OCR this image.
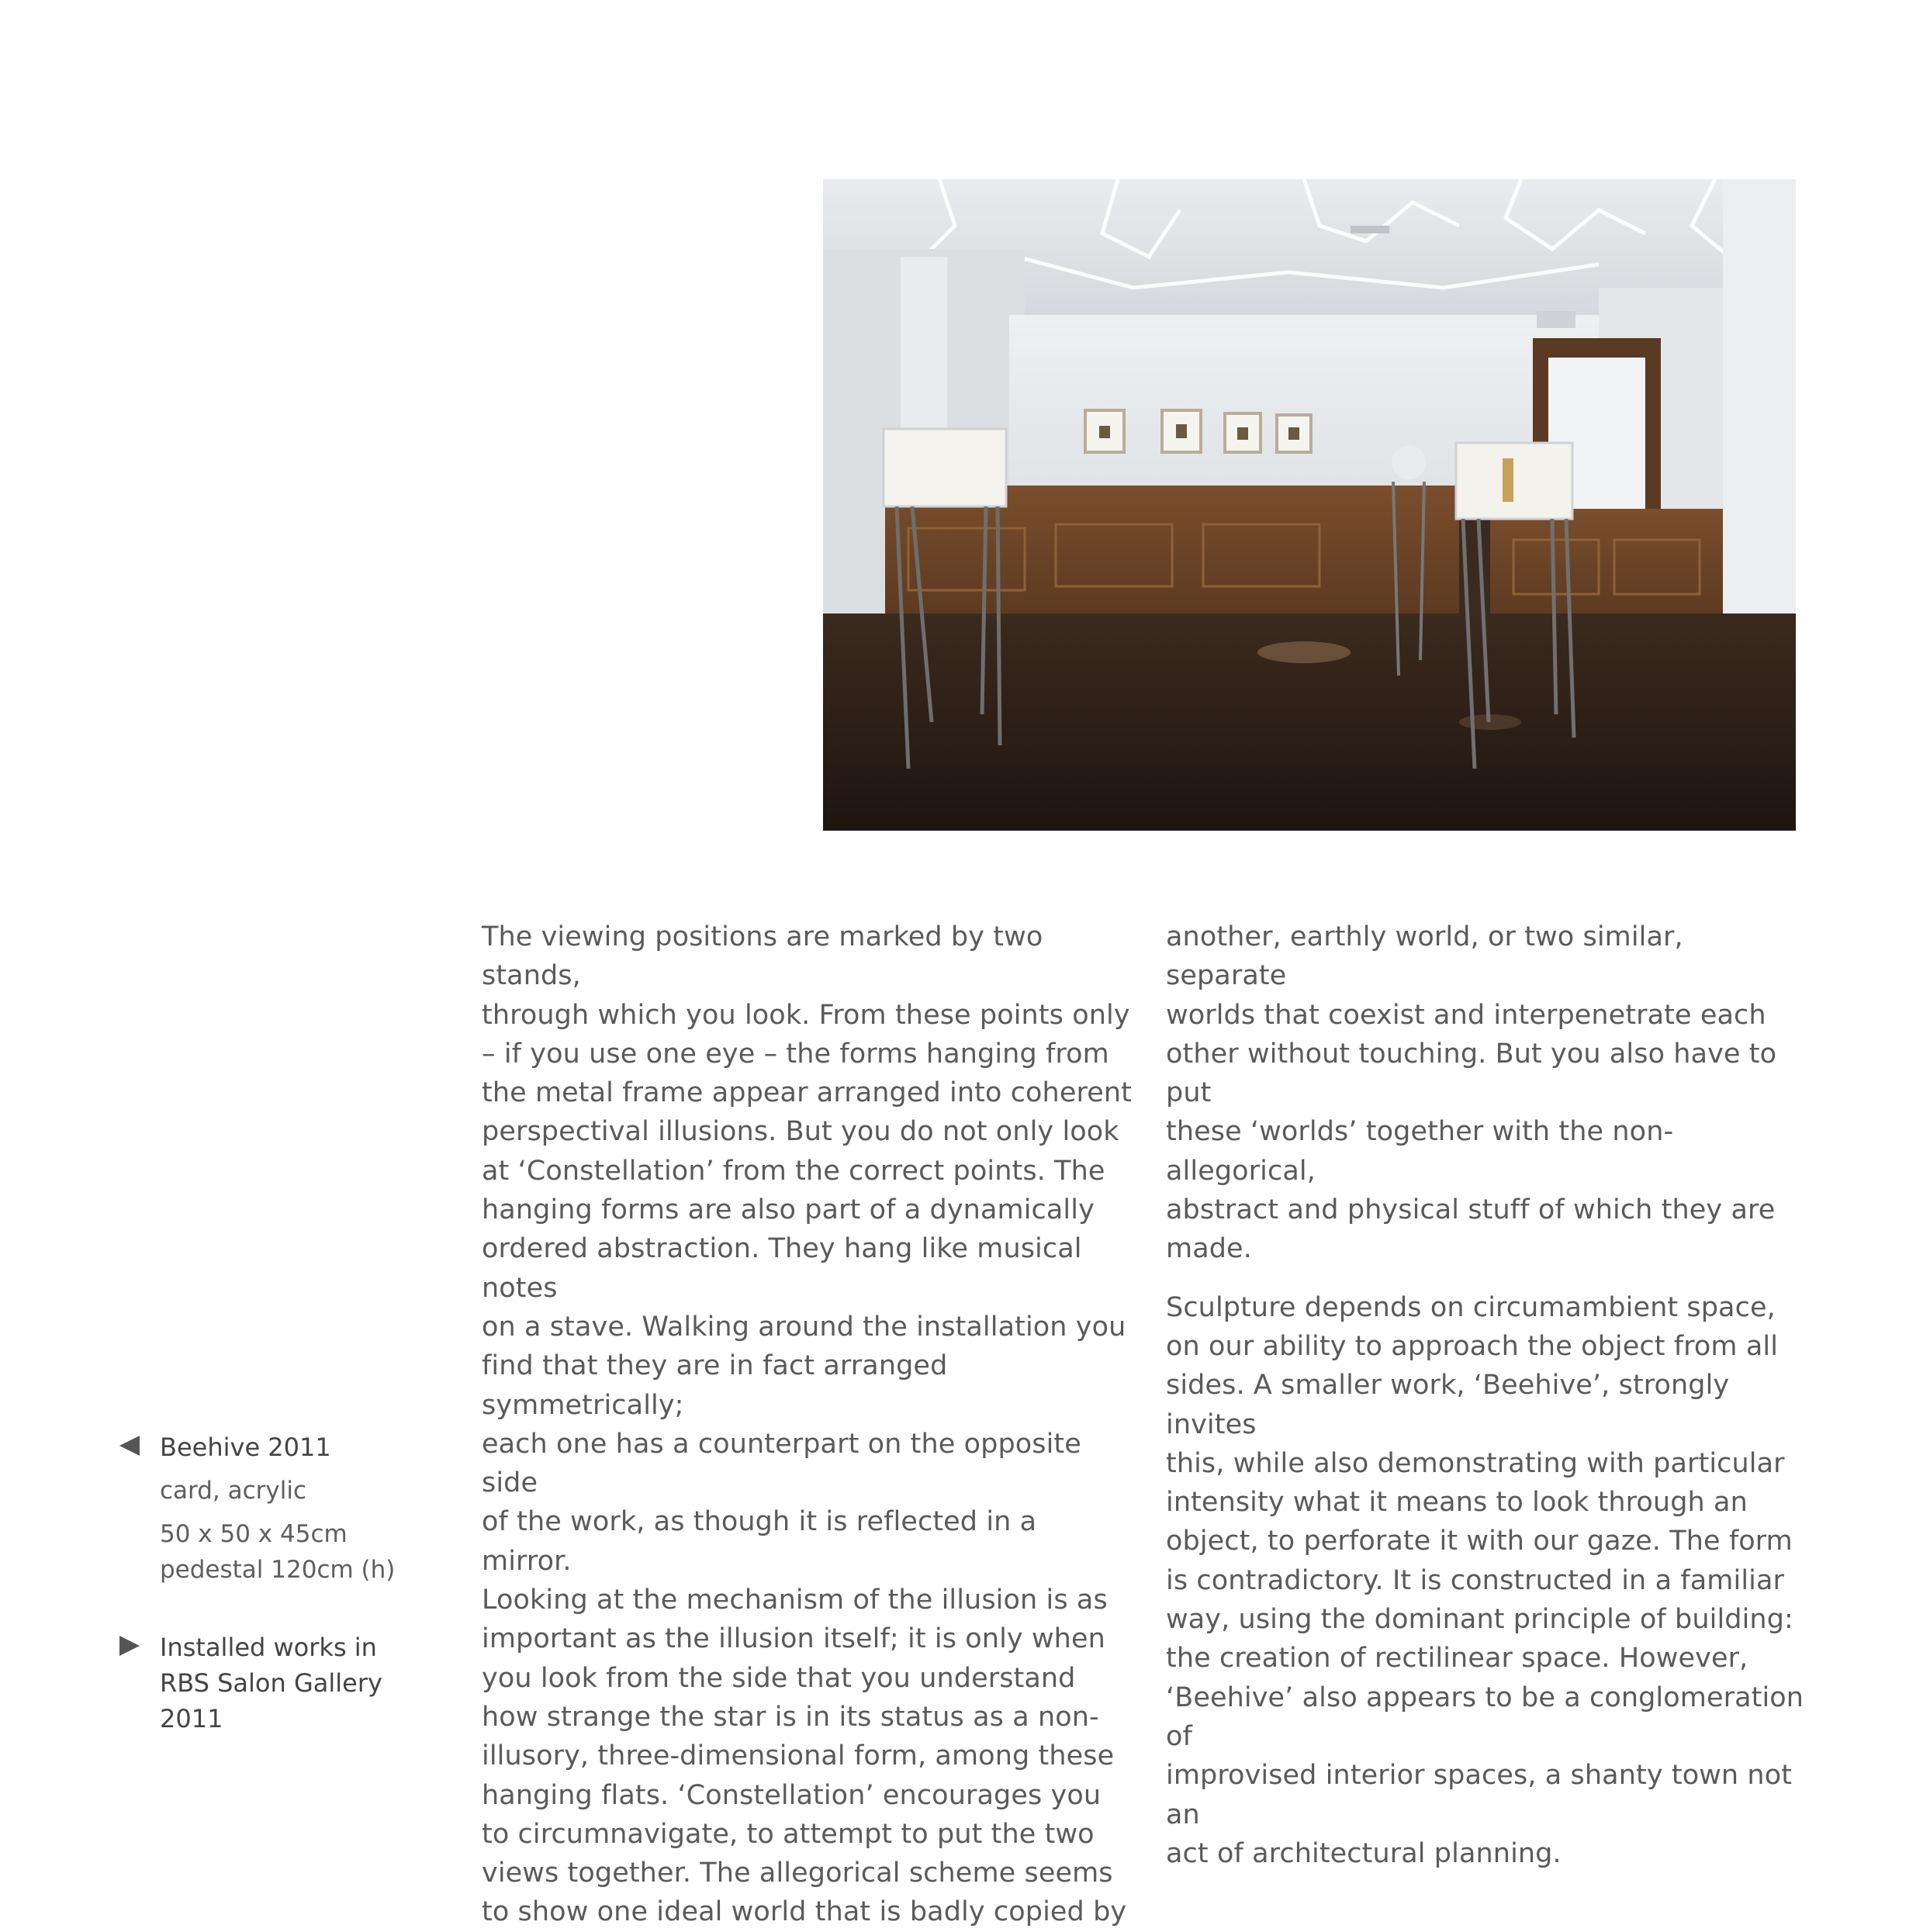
The viewing positions are marked by two stands,
through which you look. From these points only
– if you use one eye – the forms hanging from
the metal frame appear arranged into coherent
perspectival illusions. But you do not only look
at ‘Constellation’ from the correct points. The
hanging forms are also part of a dynamically
ordered abstraction. They hang like musical notes
on a stave. Walking around the installation you
find that they are in fact arranged symmetrically;
each one has a counterpart on the opposite side
of the work, as though it is reflected in a mirror.
Looking at the mechanism of the illusion is as
important as the illusion itself; it is only when
you look from the side that you understand
how strange the star is in its status as a non-
illusory, three-dimensional form, among these
hanging flats. ‘Constellation’ encourages you
to circumnavigate, to attempt to put the two
views together. The allegorical scheme seems
to show one ideal world that is badly copied by

another, earthly world, or two similar, separate
worlds that coexist and interpenetrate each
other without touching. But you also have to put
these ‘worlds’ together with the non-allegorical,
abstract and physical stuff of which they are
made.

Sculpture depends on circumambient space,
on our ability to approach the object from all
sides. A smaller work, ‘Beehive’, strongly invites
this, while also demonstrating with particular
intensity what it means to look through an
object, to perforate it with our gaze. The form
is contradictory. It is constructed in a familiar
way, using the dominant principle of building:
the creation of rectilinear space. However,
‘Beehive’ also appears to be a conglomeration of
improvised interior spaces, a shanty town not an
act of architectural planning.

Beehive 2011
card, acrylic
50 x 50 x 45cm
pedestal 120cm (h)
Installed works in
RBS Salon Gallery
2011
